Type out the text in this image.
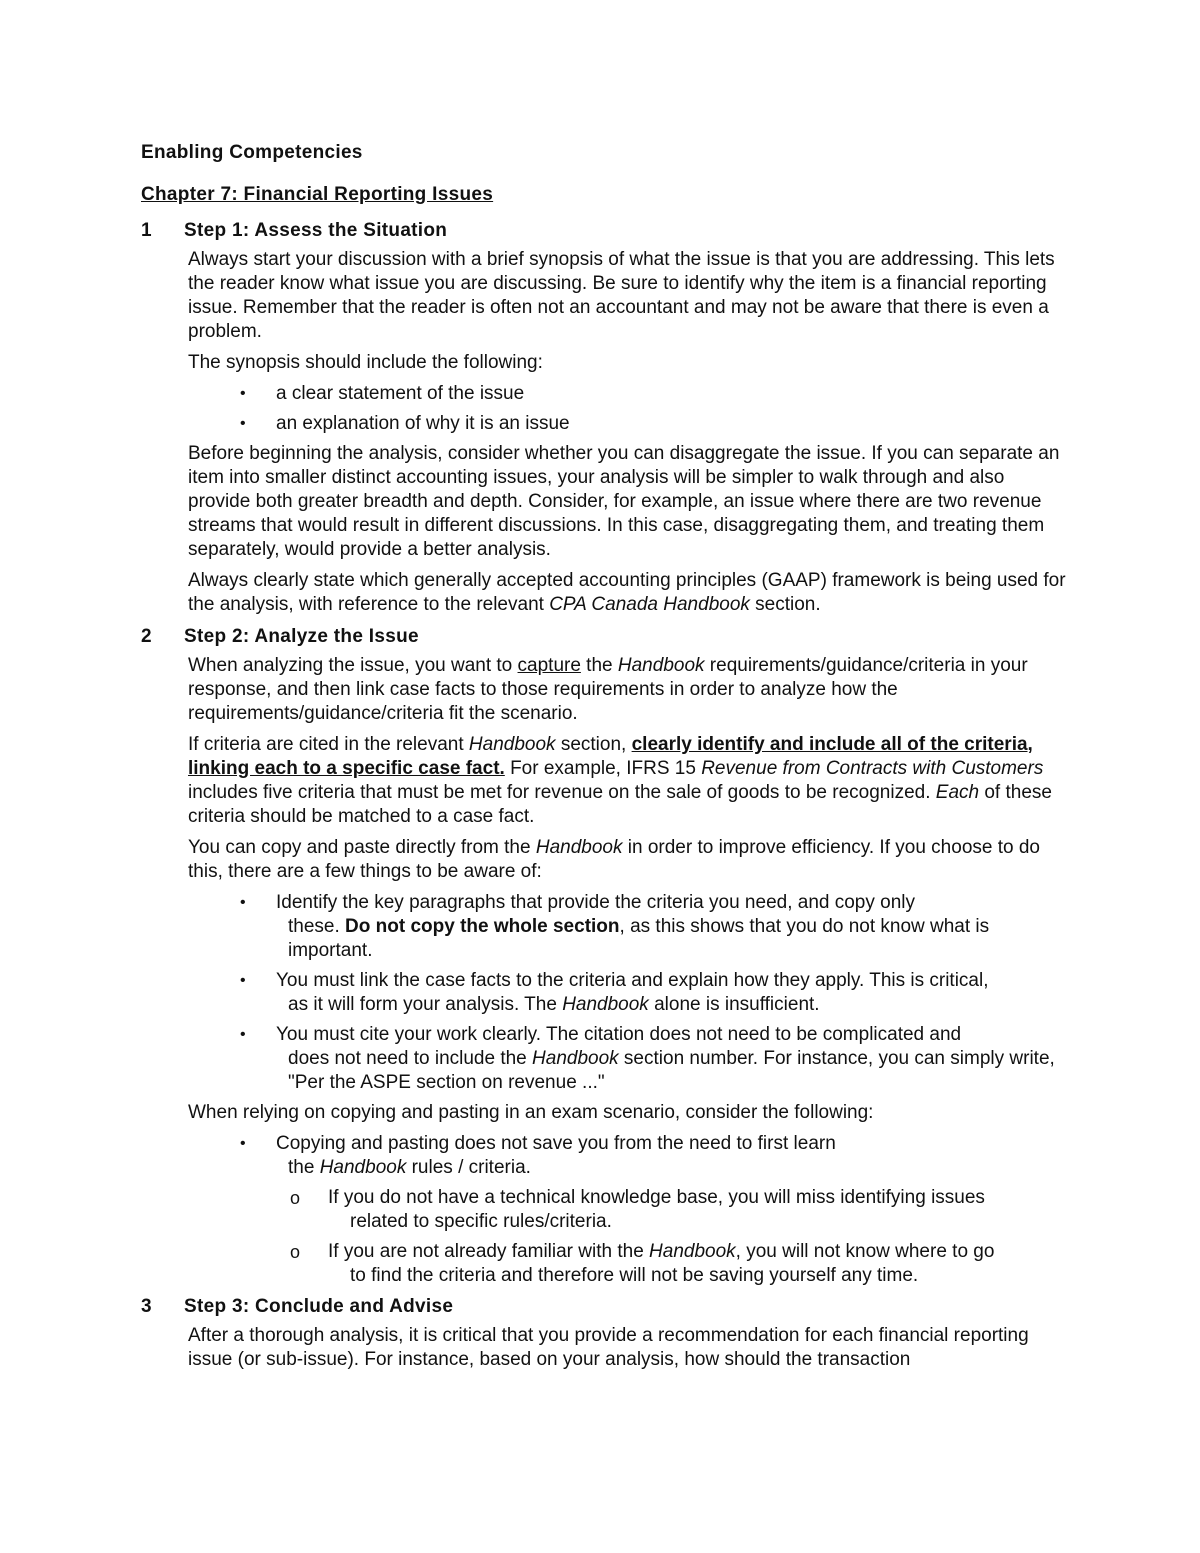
Enabling Competencies
Chapter 7: Financial Reporting Issues
1	Step 1: Assess the Situation

Always start your discussion with a brief synopsis of what the issue is that you are addressing. This lets the reader know what issue you are discussing. Be sure to identify why the item is a financial reporting issue. Remember that the reader is often not an accountant and may not be aware that there is even a problem.

The synopsis should include the following:

• a clear statement of the issue
• an explanation of why it is an issue

Before beginning the analysis, consider whether you can disaggregate the issue. If you can separate an item into smaller distinct accounting issues, your analysis will be simpler to walk through and also provide both greater breadth and depth. Consider, for example, an issue where there are two revenue streams that would result in different discussions. In this case, disaggregating them, and treating them separately, would provide a better analysis.

Always clearly state which generally accepted accounting principles (GAAP) framework is being used for the analysis, with reference to the relevant CPA Canada Handbook section.

2	Step 2: Analyze the Issue

When analyzing the issue, you want to capture the Handbook requirements/guidance/criteria in your response, and then link case facts to those requirements in order to analyze how the requirements/guidance/criteria fit the scenario.

If criteria are cited in the relevant Handbook section, clearly identify and include all of the criteria, linking each to a specific case fact. For example, IFRS 15 Revenue from Contracts with Customers includes five criteria that must be met for revenue on the sale of goods to be recognized. Each of these criteria should be matched to a case fact.

You can copy and paste directly from the Handbook in order to improve efficiency. If you choose to do this, there are a few things to be aware of:

• Identify the key paragraphs that provide the criteria you need, and copy only
these. Do not copy the whole section, as this shows that you do not know what is important.
• You must link the case facts to the criteria and explain how they apply. This is critical,
as it will form your analysis. The Handbook alone is insufficient.
• You must cite your work clearly. The citation does not need to be complicated and
does not need to include the Handbook section number. For instance, you can simply write, "Per the ASPE section on revenue ..."

When relying on copying and pasting in an exam scenario, consider the following:

• Copying and pasting does not save you from the need to first learn
the Handbook rules / criteria.
o If you do not have a technical knowledge base, you will miss identifying issues
related to specific rules/criteria.
o If you are not already familiar with the Handbook, you will not know where to go
to find the criteria and therefore will not be saving yourself any time.
3	Step 3: Conclude and Advise

After a thorough analysis, it is critical that you provide a recommendation for each financial reporting issue (or sub-issue). For instance, based on your analysis, how should the transaction
